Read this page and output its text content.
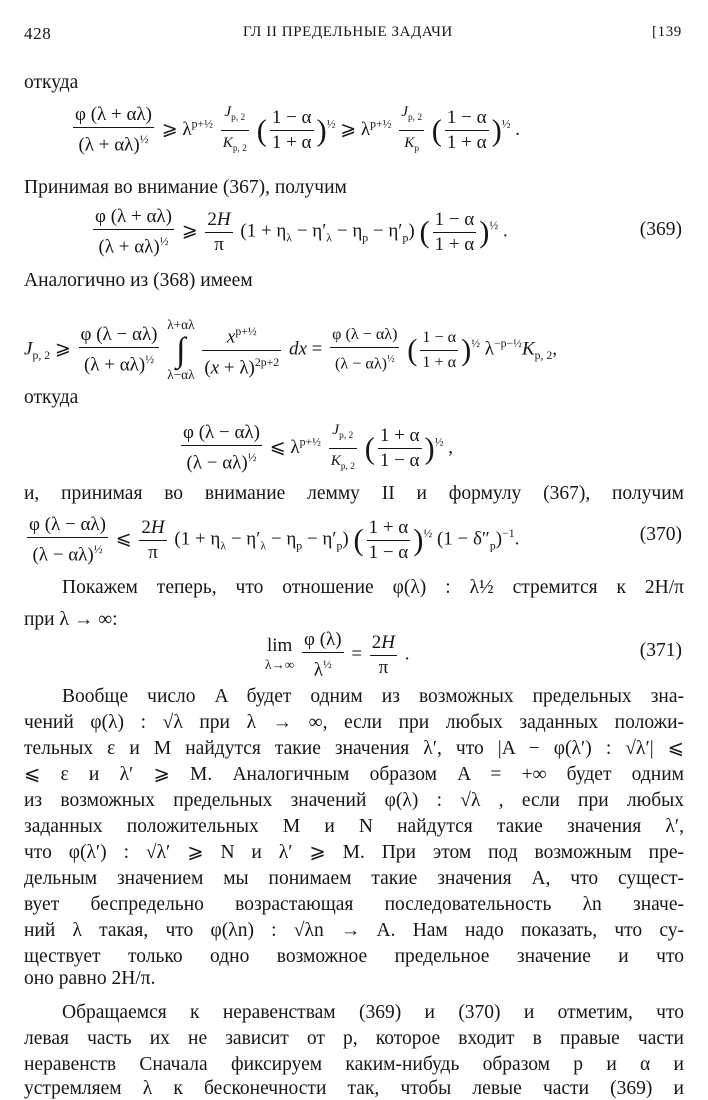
428	ГЛ II ПРЕДЕЛЬНЫЕ ЗАДАЧИ	[139
откуда
$\frac{\varphi (\lambda + \alpha\lambda)}{(\lambda + \alpha\lambda)^{\frac{1}{2}}}$ ⩾ $\lambda^{p+\frac{1}{2}} \frac{J_{p, 2}}{K_{p, 2}}$ ( $\frac{1 - \alpha}{1 + \alpha} )^{\frac{1}{2}}$ ⩾ $\lambda^{p+\frac{1}{2}} \frac{J_{p, 2}}{K_p}$ ( $\frac{1 - \alpha}{1 + \alpha} )^{\frac{1}{2}}$ .
Принимая во внимание (367), получим
$\frac{\varphi (\lambda + \alpha\lambda)}{(\lambda + \alpha\lambda)^{\frac{1}{2}}}$ ⩾ $\frac{2H}{\pi} (1 + \eta_\lambda - \eta'_\lambda - \eta_p - \eta'_p)$ ( $\frac{1 - \alpha}{1 + \alpha} )^{\frac{1}{2}}$ .	(369)
Аналогично из (368) имеем
$J_{p, 2}$ ⩾ $\frac{\varphi (\lambda - \alpha\lambda)}{(\lambda + \alpha\lambda)^{\frac{1}{2}}} \lambda+\alpha\lambda$
∫
$\lambda-\alpha\lambda \frac{x^{p+\frac{1}{2}}}{(x + \lambda)^{2p+2}}$ dx = $\frac{\varphi (\lambda - \alpha\lambda)}{(\lambda - \alpha\lambda)^{\frac{1}{2}}}$ ( $\frac{1 - \alpha}{1 + \alpha} )^{\frac{1}{2}}$ $\lambda^{-p-\frac{1}{2}}K_{p, 2}$,
откуда
$\frac{\varphi (\lambda - \alpha\lambda)}{(\lambda - \alpha\lambda)^{\frac{1}{2}}}$ ⩽ $\lambda^{p+\frac{1}{2}} \frac{J_{p, 2}}{K_{p, 2}}$ ( $\frac{1 + \alpha}{1 - \alpha} )^{\frac{1}{2}}$ ,
и, принимая во внимание лемму II и формулу (367), получим
$\frac{\varphi (\lambda - \alpha\lambda)}{(\lambda - \alpha\lambda)^{\frac{1}{2}}}$ ⩽ $\frac{2H}{\pi} (1 + \eta_\lambda - \eta'_\lambda - \eta_p - \eta'_p)$ ( $\frac{1 + \alpha}{1 - \alpha} )^{\frac{1}{2}}$ $(1 - \delta''_p)^{-1}$.	(370)
Покажем теперь, что отношение φ(λ) : λ½ стремится к 2H/π
при λ → ∞:
lim
$\lambda\to\infty \frac{\varphi (\lambda)}{\lambda^{\frac{1}{2}}} = \frac{2H}{\pi}$ .	(371)
Вообще число A будет одним из возможных предельных зна-
чений φ(λ) : √λ при λ → ∞, если при любых заданных положи-
тельных ε и M найдутся такие значения λ′, что |A − φ(λ′) : √λ′| ⩽
⩽ ε и λ′ ⩾ M. Аналогичным образом A = +∞ будет одним
из возможных предельных значений φ(λ) : √λ , если при любых
заданных положительных M и N найдутся такие значения λ′,
что φ(λ′) : √λ′ ⩾ N и λ′ ⩾ M. При этом под возможным пре-
дельным значением мы понимаем такие значения A, что сущест-
вует беспредельно возрастающая последовательность λn значе-
ний λ такая, что φ(λn) : √λn → A. Нам надо показать, что су-
ществует только одно возможное предельное значение и что
оно равно 2H/π.
Обращаемся к неравенствам (369) и (370) и отметим, что
левая часть их не зависит от p, которое входит в правые части
неравенств Сначала фиксируем каким-нибудь образом p и α и
устремляем λ к бесконечности так, чтобы левые части (369) и
